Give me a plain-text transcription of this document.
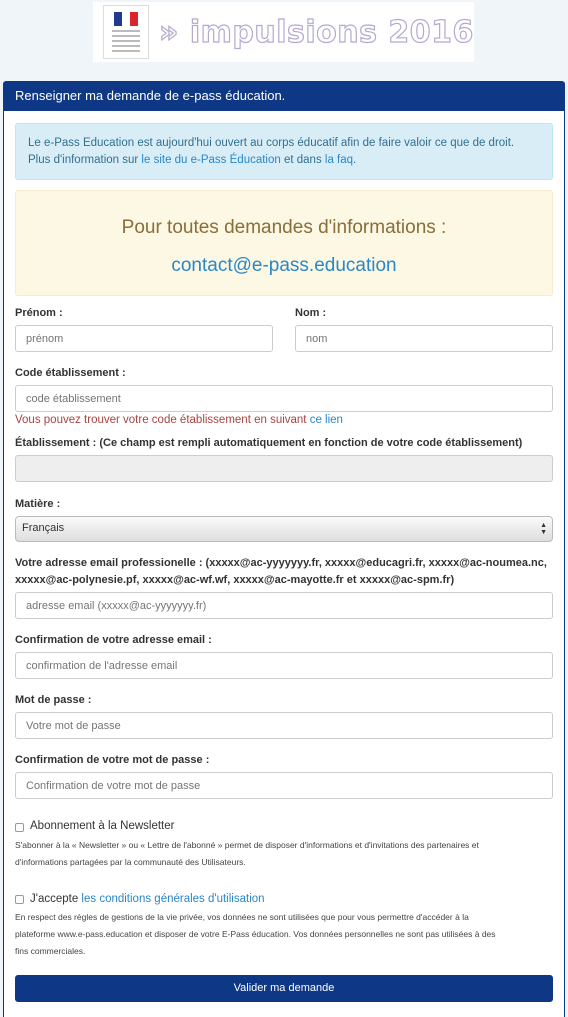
» impulsions 2016
Renseigner ma demande de e-pass éducation.
Le e-Pass Education est aujourd'hui ouvert au corps éducatif afin de faire valoir ce que de droit.
Plus d'information sur le site du e-Pass Éducation et dans la faq.
Pour toutes demandes d'informations :
contact@e-pass.education
Prénom :
prénom	Nom :
nom
Code établissement :
code établissement
Vous pouvez trouver votre code établissement en suivant ce lien
Établissement : (Ce champ est rempli automatiquement en fonction de votre code établissement)
Matière :
Français	▲
▼
Votre adresse email professionelle : (xxxxx@ac-yyyyyyy.fr, xxxxx@educagri.fr, xxxxx@ac-noumea.nc,
xxxxx@ac-polynesie.pf, xxxxx@ac-wf.wf, xxxxx@ac-mayotte.fr et xxxxx@ac-spm.fr)
adresse email (xxxxx@ac-yyyyyyy.fr)
Confirmation de votre adresse email :
confirmation de l'adresse email
Mot de passe :
Confirmation de votre mot de passe :
Abonnement à la Newsletter
S'abonner à la « Newsletter » ou « Lettre de l'abonné » permet de disposer d'informations et d'invitations des partenaires et
d'informations partagées par la communauté des Utilisateurs.
J'accepte les conditions générales d'utilisation
En respect des règles de gestions de la vie privée, vos données ne sont utilisées que pour vous permettre d'accéder à la
plateforme www.e-pass.education et disposer de votre E-Pass éducation. Vos données personnelles ne sont pas utilisées à des
fins commerciales.
Valider ma demande
